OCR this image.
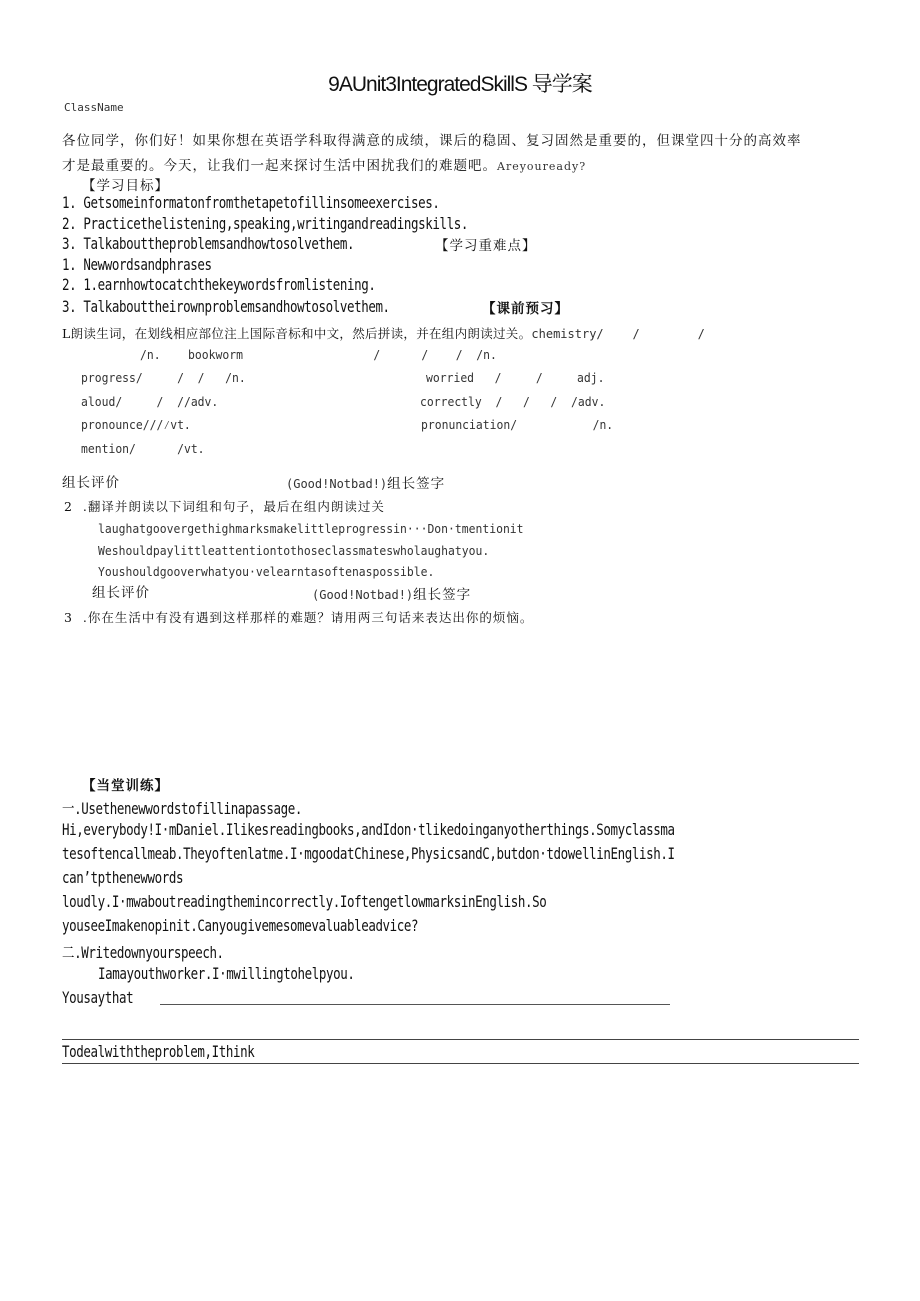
9AUnit3IntegratedSkillS 导学案
ClassName
各位同学，你们好！如果你想在英语学科取得满意的成绩，课后的稳固、复习固然是重要的，但课堂四十分的高效率
才是最重要的。今天，让我们一起来探讨生活中困扰我们的难题吧。Areyouready?
【学习目标】
1. Getsomeinformatonfromthetapetofillinsomeexercises.
2. Practicethelistening,speaking,writingandreadingskills.
3. Talkabouttheproblemsandhowtosolvethem.	【学习重难点】
1. Newwordsandphrases
2. 1.earnhowtocatchthekeywordsfromlistening.
3. Talkabouttheirownproblemsandhowtosolvethem.	【课前预习】
L朗读生词，在划线相应部位注上国际音标和中文，然后拼读，并在组内朗读过关。chemistry/    /        /
/n.    bookworm                   /      /    /  /n.
progress/     /  /   /n.	worried   /     /     adj.
aloud/     /  //adv.	correctly  /   /   /  /adv.
pronounce///⁄vt.	pronunciation/           /n.
mention/      /vt.
组长评价	(Good!Notbad!)组长签字
2  .翻译并朗读以下词组和句子，最后在组内朗读过关
laughatgoovergethighmarksmakelittleprogressin···Don·tmentionit
Weshouldpaylittleattentiontothoseclassmateswholaughatyou.
Youshouldgooverwhatyou·velearntasoftenaspossible.
组长评价	(Good!Notbad!)组长签字
3  .你在生活中有没有遇到这样那样的难题？请用两三句话来表达出你的烦恼。
【当堂训练】
一.Usethenewwordstofillinapassage.
Hi,everybody!I·mDaniel.Ilikesreadingbooks,andIdon·tlikedoinganyotherthings.Somyclassma
tesoftencallmeab.Theyoftenlatme.I·mgoodatChinese,PhysicsandC,butdon·tdowellinEnglish.I
can’tpthenewwords
loudly.I·mwaboutreadingthemincorrectly.IoftengetlowmarksinEnglish.So
youseeImakenopinit.Canyougivemesomevaluableadvice?
二.Writedownyourspeech.
Iamayouthworker.I·mwillingtohelpyou.
Yousaythat
Todealwiththeproblem,Ithink
